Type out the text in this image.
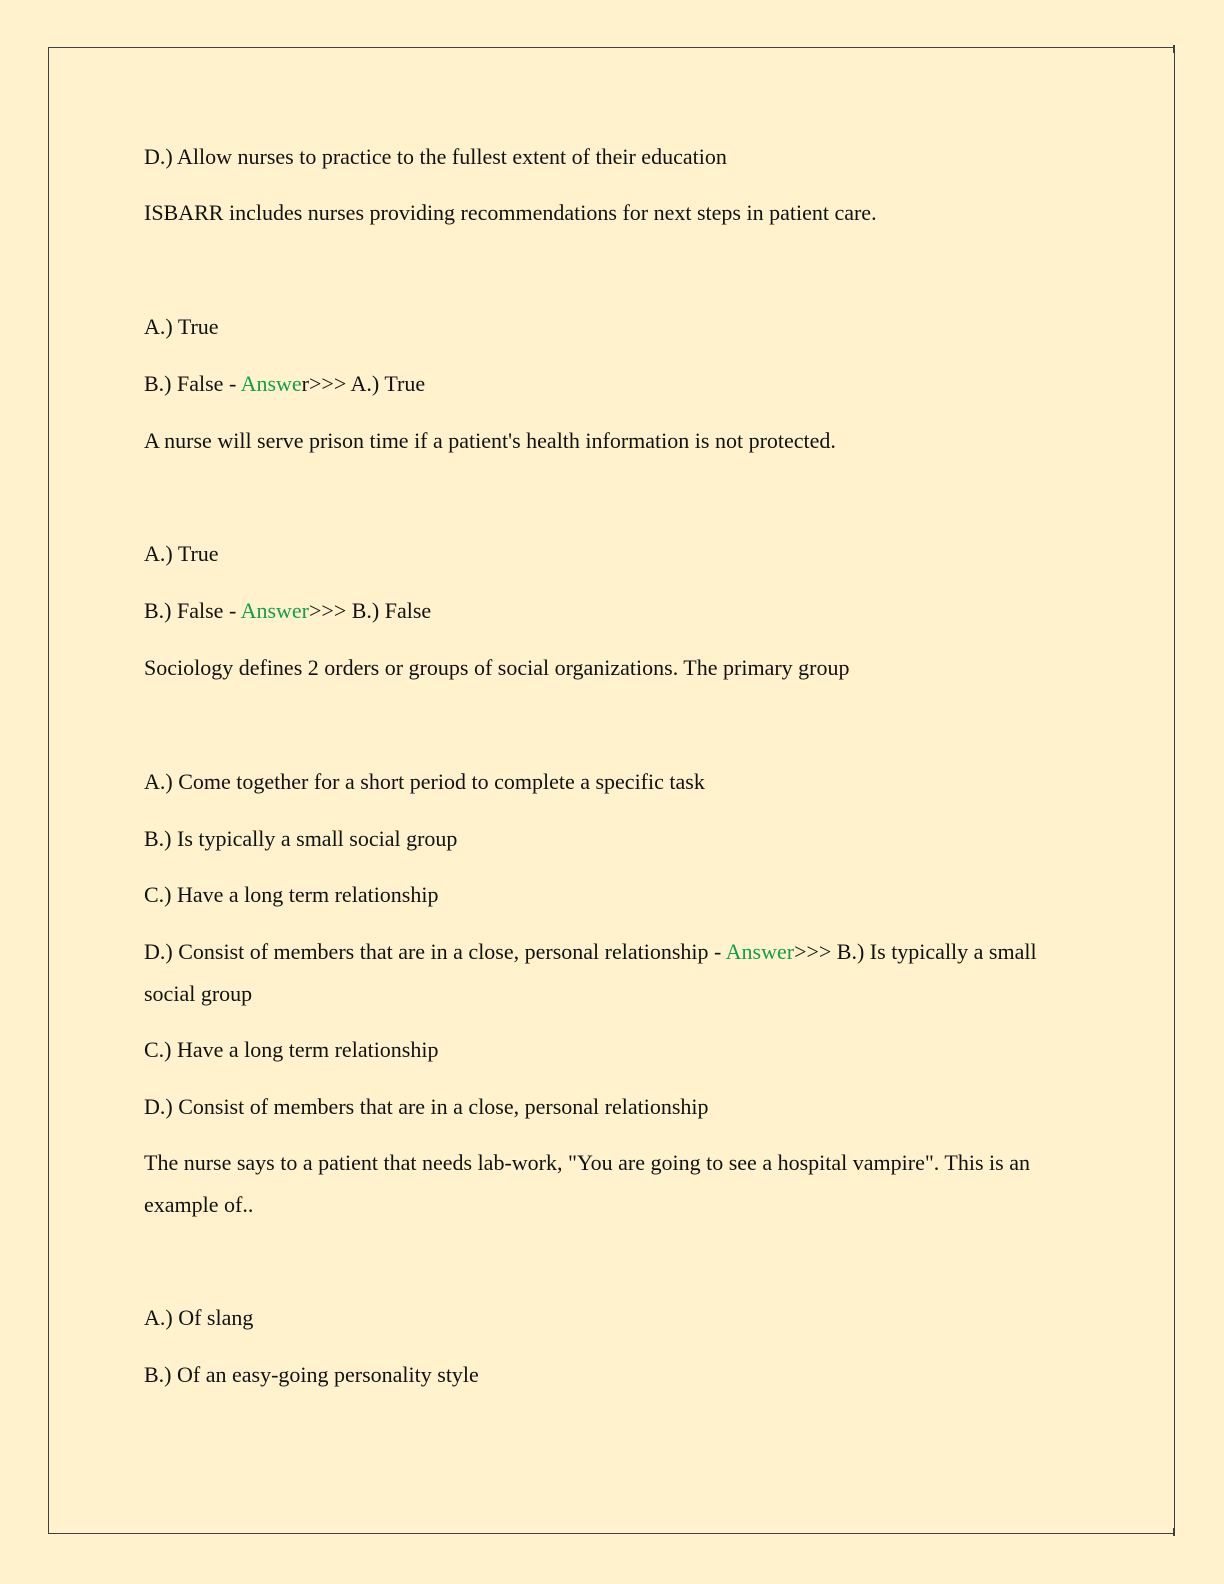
D.) Allow nurses to practice to the fullest extent of their education
ISBARR includes nurses providing recommendations for next steps in patient care.
A.) True
B.) False - Answer>>> A.) True
A nurse will serve prison time if a patient's health information is not protected.
A.) True
B.) False - Answer>>> B.) False
Sociology defines 2 orders or groups of social organizations. The primary group
A.) Come together for a short period to complete a specific task
B.) Is typically a small social group
C.) Have a long term relationship
D.) Consist of members that are in a close, personal relationship - Answer>>> B.) Is typically a small social group
C.) Have a long term relationship
D.) Consist of members that are in a close, personal relationship
The nurse says to a patient that needs lab-work, "You are going to see a hospital vampire". This is an example of..
A.) Of slang
B.) Of an easy-going personality style
